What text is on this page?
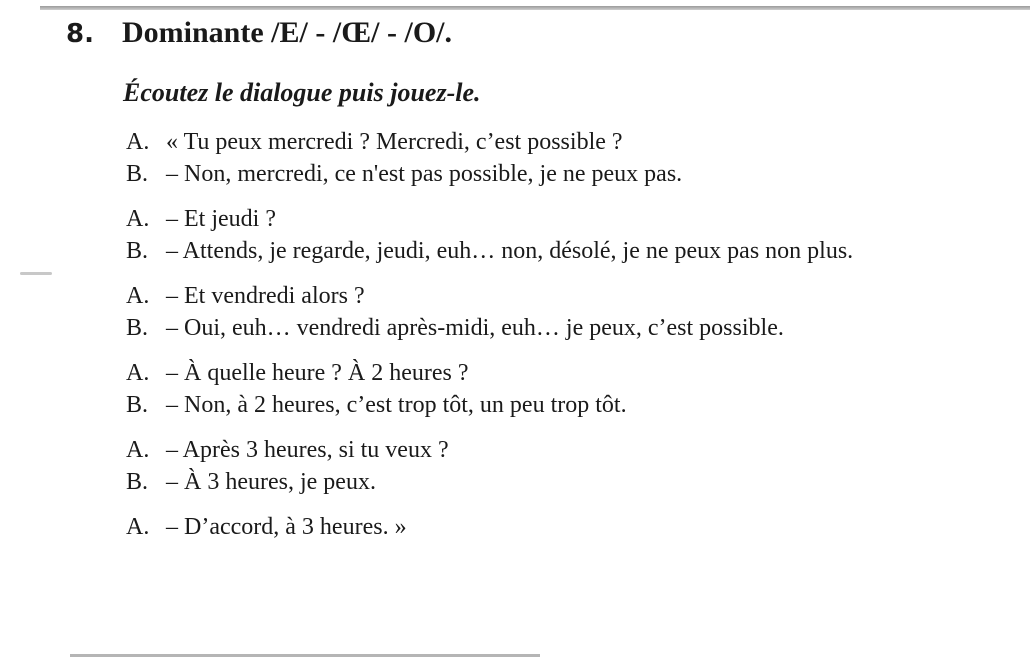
8. Dominante /E/ - /Œ/ - /O/.
Écoutez le dialogue puis jouez-le.
A. « Tu peux mercredi ? Mercredi, c’est possible ?
B. – Non, mercredi, ce n'est pas possible, je ne peux pas.
A. – Et jeudi ?
B. – Attends, je regarde, jeudi, euh… non, désolé, je ne peux pas non plus.
A. – Et vendredi alors ?
B. – Oui, euh… vendredi après-midi, euh… je peux, c’est possible.
A. – À quelle heure ? À 2 heures ?
B. – Non, à 2 heures, c’est trop tôt, un peu trop tôt.
A. – Après 3 heures, si tu veux ?
B. – À 3 heures, je peux.
A. – D’accord, à 3 heures. »
